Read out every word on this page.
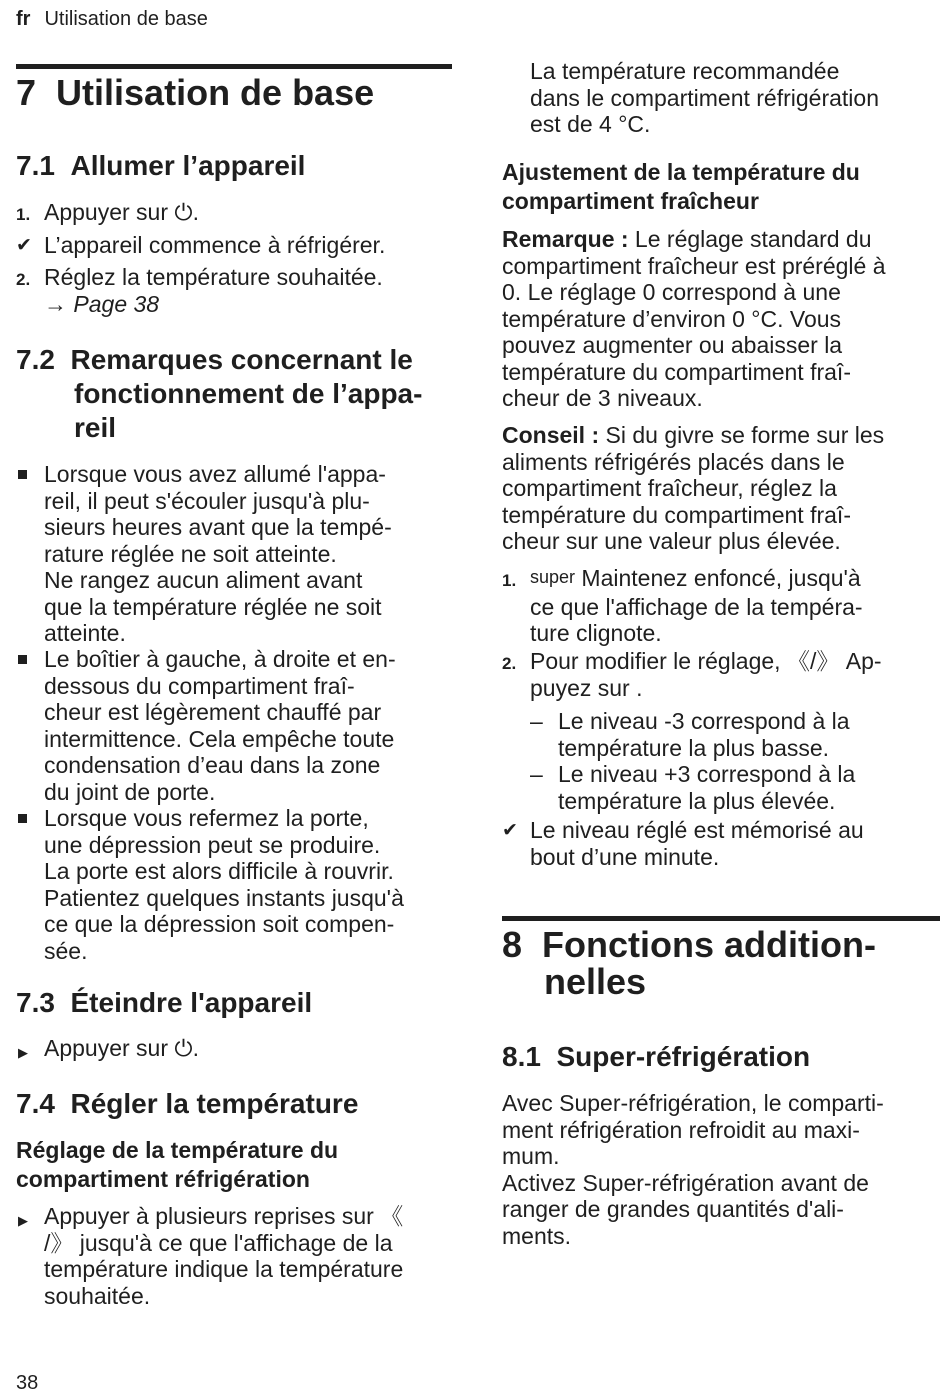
fr Utilisation de base
7 Utilisation de base
7.1 Allumer l’appareil
1. Appuyer sur ⏻.
✔ L’appareil commence à réfrigérer.
2. Réglez la température souhaitée.
→ Page 38
7.2 Remarques concernant le
fonctionnement de l’appa-
reil
Lorsque vous avez allumé l'appa-
reil, il peut s'écouler jusqu'à plu-
sieurs heures avant que la tempé-
rature réglée ne soit atteinte.
Ne rangez aucun aliment avant
que la température réglée ne soit
atteinte.
Le boîtier à gauche, à droite et en-
dessous du compartiment fraî-
cheur est légèrement chauffé par
intermittence. Cela empêche toute
condensation d’eau dans la zone
du joint de porte.
Lorsque vous refermez la porte,
une dépression peut se produire.
La porte est alors difficile à rouvrir.
Patientez quelques instants jusqu'à
ce que la dépression soit compen-
sée.
7.3 Éteindre l'appareil
▶ Appuyer sur ⏻.
7.4 Régler la température
Réglage de la température du
compartiment réfrigération
▶ Appuyer à plusieurs reprises sur 《
/》 jusqu'à ce que l'affichage de la
température indique la température
souhaitée.
La température recommandée
dans le compartiment réfrigération
est de 4 °C.
Ajustement de la température du
compartiment fraîcheur
Remarque : Le réglage standard du
compartiment fraîcheur est préréglé à
0. Le réglage 0 correspond à une
température d’environ 0 °C. Vous
pouvez augmenter ou abaisser la
température du compartiment fraî-
cheur de 3 niveaux.
Conseil : Si du givre se forme sur les
aliments réfrigérés placés dans le
compartiment fraîcheur, réglez la
température du compartiment fraî-
cheur sur une valeur plus élevée.
1. super Maintenez enfoncé, jusqu'à
ce que l'affichage de la tempéra-
ture clignote.
2. Pour modifier le réglage, 《/》 Ap-
puyez sur .
– Le niveau -3 correspond à la
température la plus basse.
– Le niveau +3 correspond à la
température la plus élevée.
✔ Le niveau réglé est mémorisé au
bout d’une minute.
8 Fonctions addition-
nelles
8.1 Super-réfrigération
Avec Super-réfrigération, le comparti-
ment réfrigération refroidit au maxi-
mum.
Activez Super-réfrigération avant de
ranger de grandes quantités d'ali-
ments.
38
